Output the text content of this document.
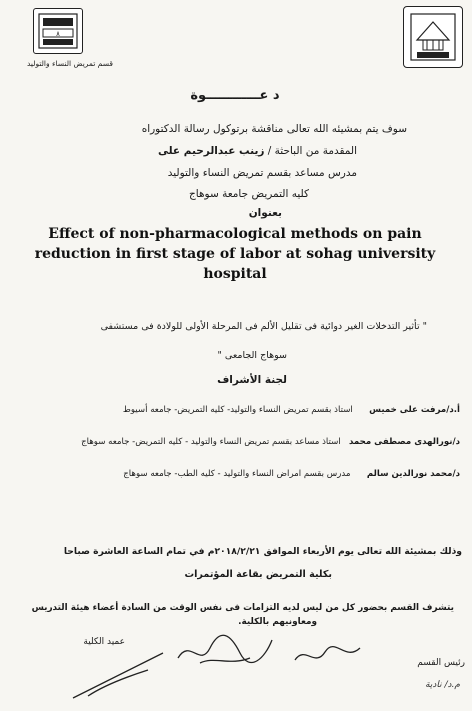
٨
قسم تمريض النساء والتوليد
د عــــــــــــوة
سوف يتم بمشيئه الله تعالى مناقشة برتوكول رسالة الدكتوراه
المقدمة من الباحثة / زينب عبدالرحيم على
مدرس مساعد بقسم تمريض النساء والتوليد
كليه التمريض جامعة سوهاج
بعنوان
Effect of non-pharmacological methods on pain reduction in first stage of labor at sohag university hospital
" تأثير التدخلات الغير دوائية فى تقليل الألم فى المرحلة الأولى للولادة فى مستشفى
سوهاج الجامعى "
لجنة الأشراف
أ.د/مرفت على خميس      استاذ بقسم تمريض النساء والتوليد- كليه التمريض- جامعه أسيوط
د/نورالهدى مصطفى محمد   استاذ مساعد بقسم تمريض النساء والتوليد - كليه التمريض- جامعه سوهاج
د/محمد نورالدين سالم      مدرس بقسم امراض النساء والتوليد - كليه الطب- جامعه سوهاج
وذلك بمشيئة الله تعالى يوم الأربعاء الموافق ٢٠١٨/٢/٢١م في تمام الساعة العاشرة صباحا
بكلية التمريض بقاعة المؤتمرات
يتشرف القسم بحضور كل من ليس لديه التزامات فى نفس الوقت من السادة أعضاء هيئة التدريس
ومعاونيهم بالكلية.
عميد الكلية
رئيس القسم
م.د/ نادية
